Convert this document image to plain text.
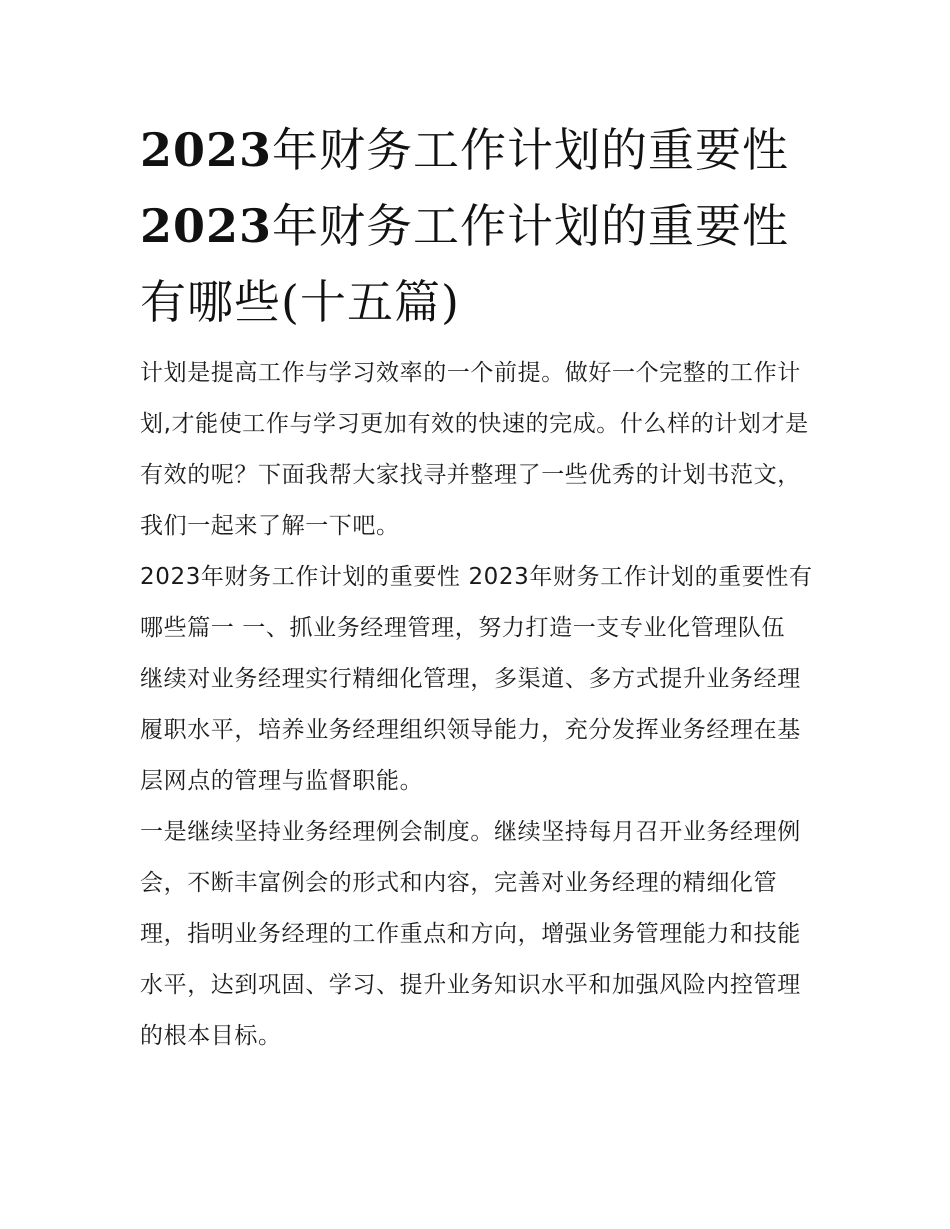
2023年财务工作计划的重要性
2023年财务工作计划的重要性
有哪些(十五篇)

计划是提高工作与学习效率的一个前提。做好一个完整的工作计划,才能使工作与学习更加有效的快速的完成。什么样的计划才是有效的呢？下面我帮大家找寻并整理了一些优秀的计划书范文，我们一起来了解一下吧。

2023年财务工作计划的重要性 2023年财务工作计划的重要性有哪些篇一 一、抓业务经理管理，努力打造一支专业化管理队伍

继续对业务经理实行精细化管理，多渠道、多方式提升业务经理履职水平，培养业务经理组织领导能力，充分发挥业务经理在基层网点的管理与监督职能。

一是继续坚持业务经理例会制度。继续坚持每月召开业务经理例会，不断丰富例会的形式和内容，完善对业务经理的精细化管理，指明业务经理的工作重点和方向，增强业务管理能力和技能水平，达到巩固、学习、提升业务知识水平和加强风险内控管理的根本目标。
